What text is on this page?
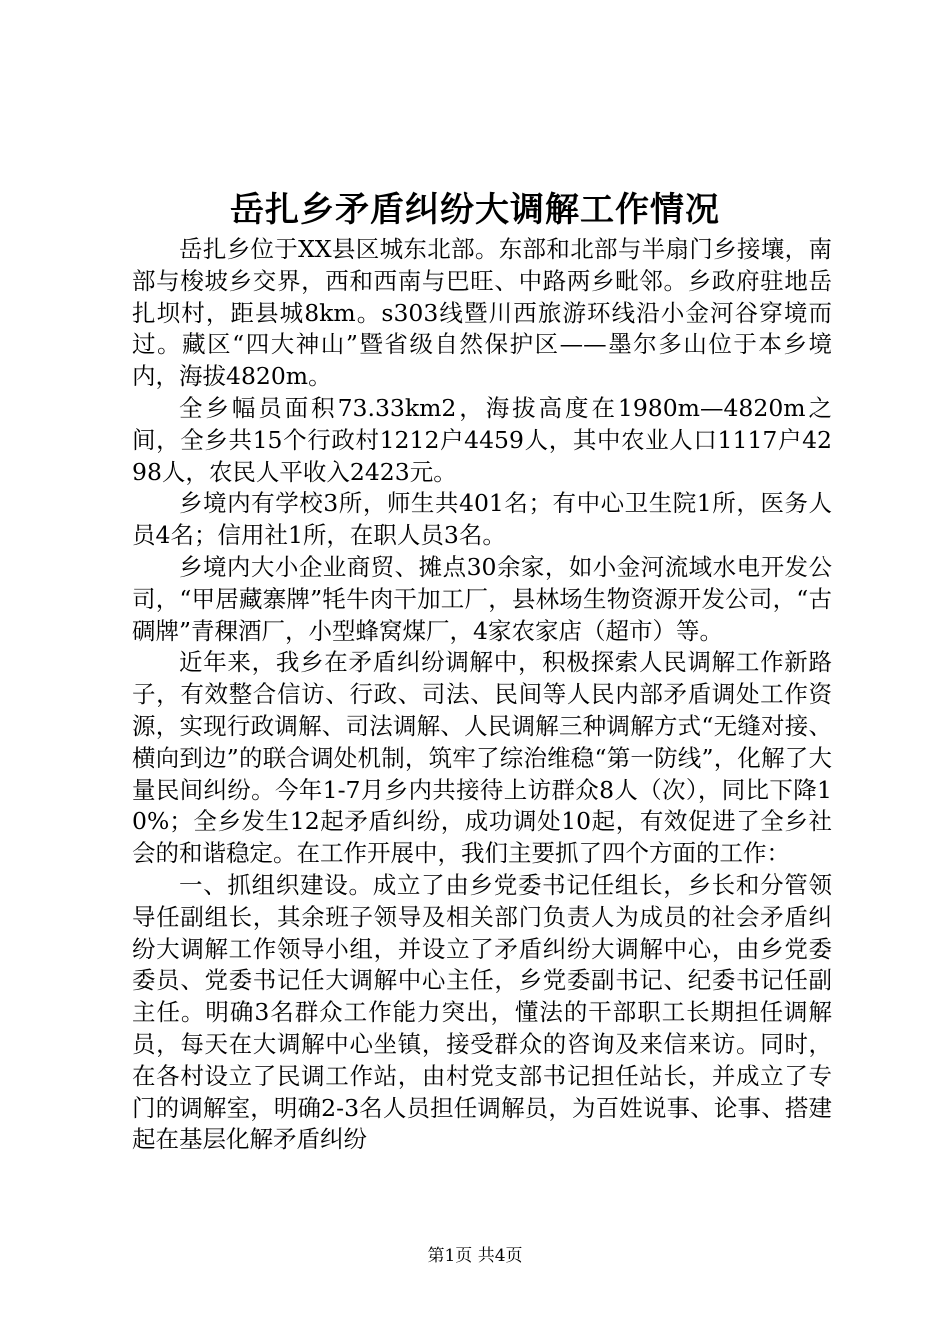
岳扎乡矛盾纠纷大调解工作情况

岳扎乡位于XX县区城东北部。东部和北部与半扇门乡接壤，南部与梭坡乡交界，西和西南与巴旺、中路两乡毗邻。乡政府驻地岳扎坝村，距县城8km。s303线暨川西旅游环线沿小金河谷穿境而过。藏区“四大神山”暨省级自然保护区——墨尔多山位于本乡境内，海拔4820m。

全乡幅员面积73.33km2，海拔高度在1980m—4820m之间，全乡共15个行政村1212户4459人，其中农业人口1117户4298人，农民人平收入2423元。

乡境内有学校3所，师生共401名；有中心卫生院1所，医务人员4名；信用社1所，在职人员3名。

乡境内大小企业商贸、摊点30余家，如小金河流域水电开发公司，“甲居藏寨牌”牦牛肉干加工厂，县林场生物资源开发公司，“古碉牌”青稞酒厂，小型蜂窝煤厂，4家农家店（超市）等。

近年来，我乡在矛盾纠纷调解中，积极探索人民调解工作新路子，有效整合信访、行政、司法、民间等人民内部矛盾调处工作资源，实现行政调解、司法调解、人民调解三种调解方式“无缝对接、横向到边”的联合调处机制，筑牢了综治维稳“第一防线”，化解了大量民间纠纷。今年1-7月乡内共接待上访群众8人（次），同比下降10%；全乡发生12起矛盾纠纷，成功调处10起，有效促进了全乡社会的和谐稳定。在工作开展中，我们主要抓了四个方面的工作：

一、抓组织建设。成立了由乡党委书记任组长，乡长和分管领导任副组长，其余班子领导及相关部门负责人为成员的社会矛盾纠纷大调解工作领导小组，并设立了矛盾纠纷大调解中心，由乡党委委员、党委书记任大调解中心主任，乡党委副书记、纪委书记任副主任。明确3名群众工作能力突出，懂法的干部职工长期担任调解员，每天在大调解中心坐镇，接受群众的咨询及来信来访。同时，在各村设立了民调工作站，由村党支部书记担任站长，并成立了专门的调解室，明确2-3名人员担任调解员，为百姓说事、论事、搭建起在基层化解矛盾纠纷

第1页 共4页
